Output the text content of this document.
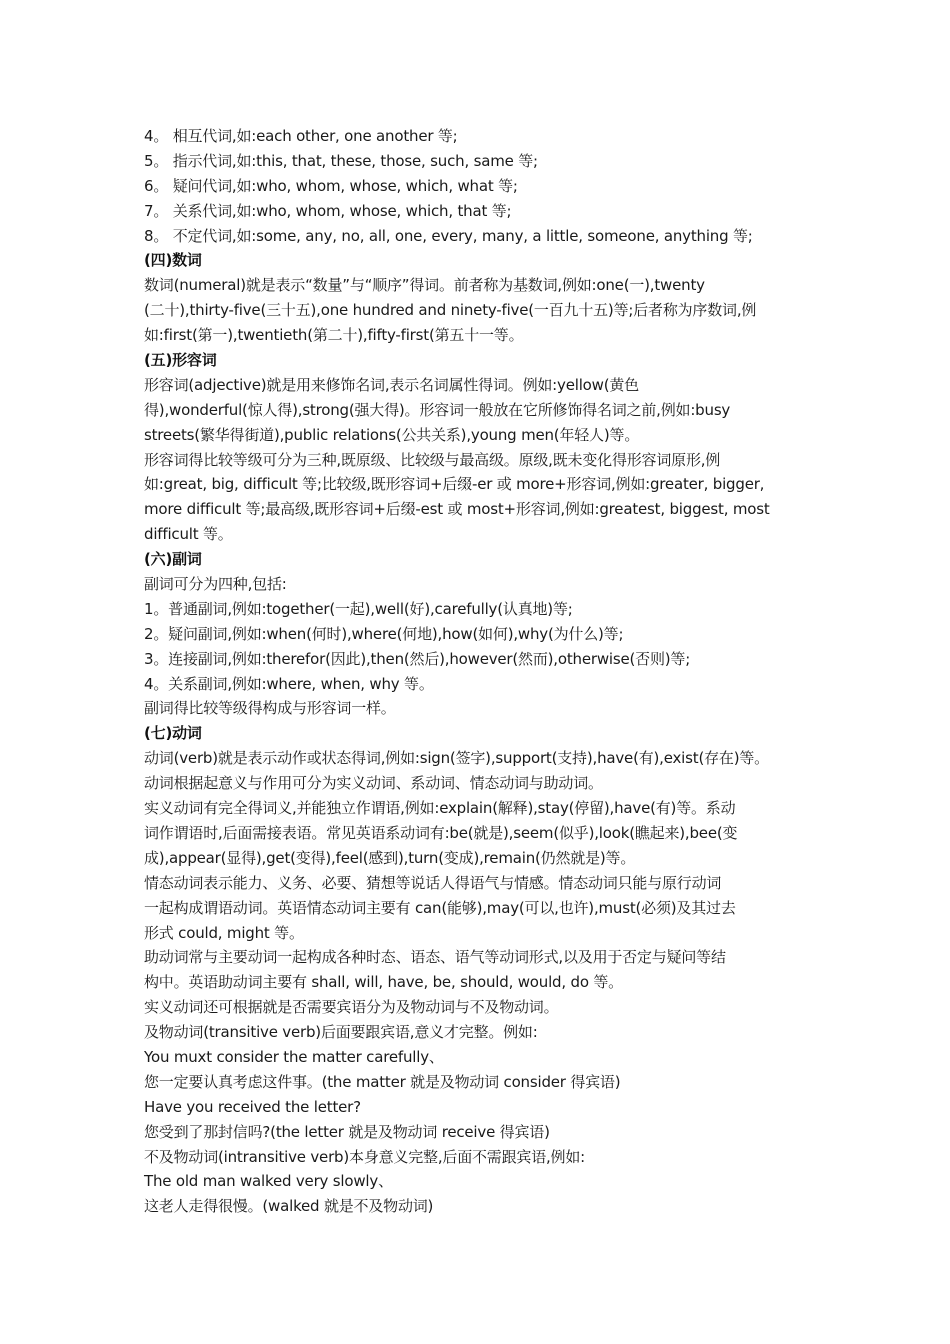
4。 相互代词,如:each other, one another 等;
5。 指示代词,如:this, that, these, those, such, same 等;
6。 疑问代词,如:who, whom, whose, which, what 等;
7。 关系代词,如:who, whom, whose, which, that 等;
8。 不定代词,如:some, any, no, all, one, every, many, a little, someone, anything 等;
(四)数词
数词(numeral)就是表示“数量”与“顺序”得词。前者称为基数词,例如:one(一),twenty
(二十),thirty-five(三十五),one hundred and ninety-five(一百九十五)等;后者称为序数词,例
如:first(第一),twentieth(第二十),fifty-first(第五十一等。
(五)形容词
形容词(adjective)就是用来修饰名词,表示名词属性得词。例如:yellow(黄色
得),wonderful(惊人得),strong(强大得)。形容词一般放在它所修饰得名词之前,例如:busy
streets(繁华得街道),public relations(公共关系),young men(年轻人)等。
形容词得比较等级可分为三种,既原级、比较级与最高级。原级,既未变化得形容词原形,例
如:great, big, difficult 等;比较级,既形容词+后缀-er 或 more+形容词,例如:greater, bigger,
more difficult 等;最高级,既形容词+后缀-est 或 most+形容词,例如:greatest, biggest, most
difficult 等。
(六)副词
副词可分为四种,包括:
1。普通副词,例如:together(一起),well(好),carefully(认真地)等;
2。疑问副词,例如:when(何时),where(何地),how(如何),why(为什么)等;
3。连接副词,例如:therefor(因此),then(然后),however(然而),otherwise(否则)等;
4。关系副词,例如:where, when, why 等。
副词得比较等级得构成与形容词一样。
(七)动词
动词(verb)就是表示动作或状态得词,例如:sign(签字),support(支持),have(有),exist(存在)等。
动词根据起意义与作用可分为实义动词、系动词、情态动词与助动词。
实义动词有完全得词义,并能独立作谓语,例如:explain(解释),stay(停留),have(有)等。系动
词作谓语时,后面需接表语。常见英语系动词有:be(就是),seem(似乎),look(瞧起来),bee(变
成),appear(显得),get(变得),feel(感到),turn(变成),remain(仍然就是)等。
情态动词表示能力、义务、必要、猜想等说话人得语气与情感。情态动词只能与原行动词
一起构成谓语动词。英语情态动词主要有 can(能够),may(可以,也许),must(必须)及其过去
形式 could, might 等。
助动词常与主要动词一起构成各种时态、语态、语气等动词形式,以及用于否定与疑问等结
构中。英语助动词主要有 shall, will, have, be, should, would, do 等。
实义动词还可根据就是否需要宾语分为及物动词与不及物动词。
及物动词(transitive verb)后面要跟宾语,意义才完整。例如:
You muxt consider the matter carefully、
您一定要认真考虑这件事。(the matter 就是及物动词 consider 得宾语)
Have you received the letter?
您受到了那封信吗?(the letter 就是及物动词 receive 得宾语)
不及物动词(intransitive verb)本身意义完整,后面不需跟宾语,例如:
The old man walked very slowly、
这老人走得很慢。(walked 就是不及物动词)
